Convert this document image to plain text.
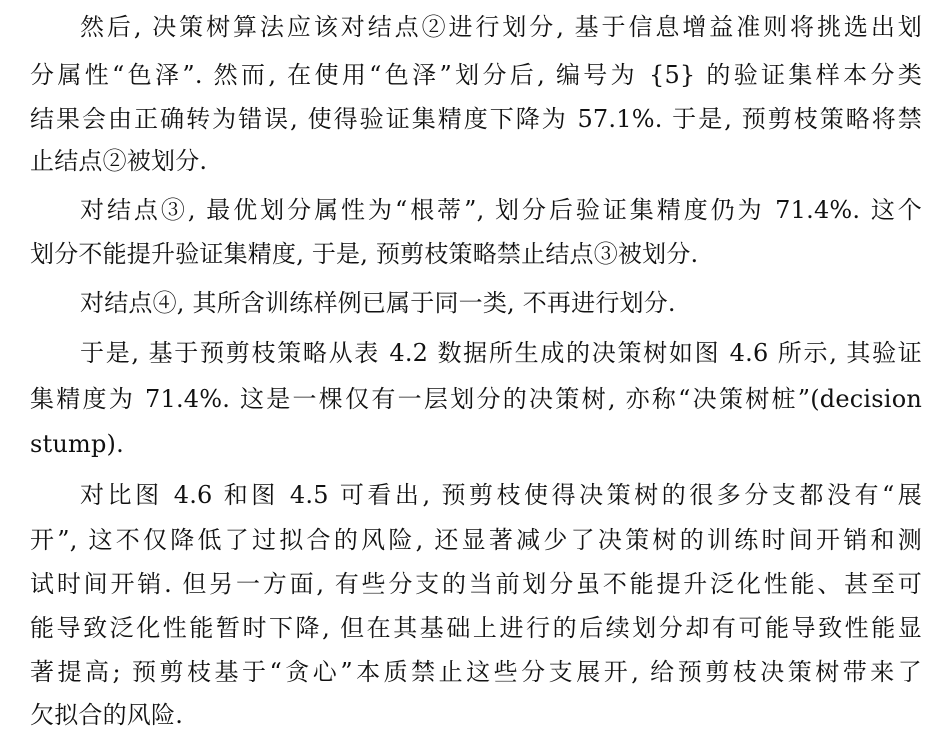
然后, 决策树算法应该对结点②进行划分, 基于信息增益准则将挑选出划
分属性“色泽”. 然而, 在使用“色泽”划分后, 编号为 {5} 的验证集样本分类
结果会由正确转为错误, 使得验证集精度下降为 57.1%. 于是, 预剪枝策略将禁
止结点②被划分.
对结点③, 最优划分属性为“根蒂”, 划分后验证集精度仍为 71.4%. 这个
划分不能提升验证集精度, 于是, 预剪枝策略禁止结点③被划分.
对结点④, 其所含训练样例已属于同一类, 不再进行划分.
于是, 基于预剪枝策略从表 4.2 数据所生成的决策树如图 4.6 所示, 其验证
集精度为 71.4%. 这是一棵仅有一层划分的决策树, 亦称“决策树桩”(decision
stump).
对比图 4.6 和图 4.5 可看出, 预剪枝使得决策树的很多分支都没有“展
开”, 这不仅降低了过拟合的风险, 还显著减少了决策树的训练时间开销和测
试时间开销. 但另一方面, 有些分支的当前划分虽不能提升泛化性能、甚至可
能导致泛化性能暂时下降, 但在其基础上进行的后续划分却有可能导致性能显
著提高; 预剪枝基于“贪心”本质禁止这些分支展开, 给预剪枝决策树带来了
欠拟合的风险.
